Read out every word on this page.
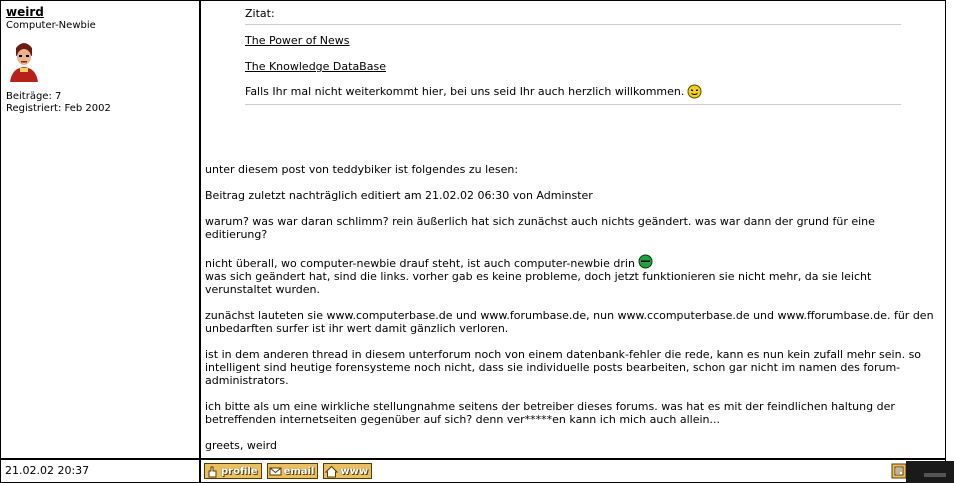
weird
Computer-Newbie
Beiträge: 7
Registriert: Feb 2002
Zitat:
The Power of News
The Knowledge DataBase
Falls Ihr mal nicht weiterkommt hier, bei uns seid Ihr auch herzlich willkommen.

unter diesem post von teddybiker ist folgendes zu lesen:

Beitrag zuletzt nachträglich editiert am 21.02.02 06:30 von Adminster

warum? was war daran schlimm? rein äußerlich hat sich zunächst auch nichts geändert. was war dann der grund für eine editierung?

nicht überall, wo computer-newbie drauf steht, ist auch computer-newbie drin

was sich geändert hat, sind die links. vorher gab es keine probleme, doch jetzt funktionieren sie nicht mehr, da sie leicht verunstaltet wurden.

zunächst lauteten sie www.computerbase.de und www.forumbase.de, nun www.ccomputerbase.de und www.fforumbase.de. für den unbedarften surfer ist ihr wert damit gänzlich verloren.

ist in dem anderen thread in diesem unterforum noch von einem datenbank-fehler die rede, kann es nun kein zufall mehr sein. so intelligent sind heutige forensysteme noch nicht, dass sie individuelle posts bearbeiten, schon gar nicht im namen des forum-administrators.

ich bitte als um eine wirkliche stellungnahme seitens der betreiber dieses forums. was hat es mit der feindlichen haltung der betreffenden internetseiten gegenüber auf sich? denn ver*****en kann ich mich auch allein...

greets, weird

21.02.02 20:37	profile	email	www
